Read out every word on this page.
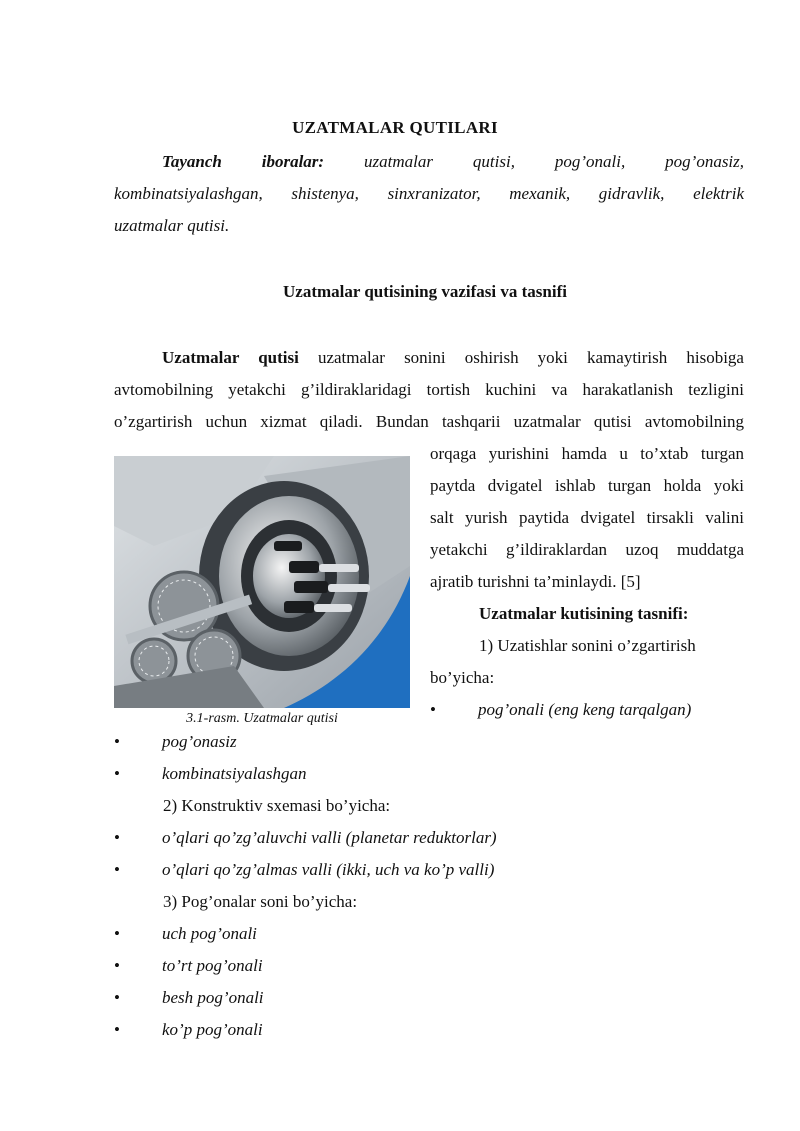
UZATMALAR QUTILARI

Tayanch iboralar: uzatmalar qutisi, pog’onali, pog’onasiz,
kombinatsiyalashgan, shistenya, sinxranizator, mexanik, gidravlik, elektrik
uzatmalar qutisi.

Uzatmalar qutisining vazifasi va tasnifi

Uzatmalar qutisi uzatmalar sonini oshirish yoki kamaytirish hisobiga
avtomobilning yetakchi g’ildiraklaridagi tortish kuchini va harakatlanish tezligini
o’zgartirish uchun xizmat qiladi. Bundan tashqarii uzatmalar qutisi avtomobilning
orqaga yurishini hamda u to’xtab turgan
paytda dvigatel ishlab turgan holda yoki
salt yurish paytida dvigatel tirsakli valini
yetakchi g’ildiraklardan uzoq muddatga
ajratib turishni ta’minlaydi. [5]

3.1-rasm. Uzatmalar qutisi

Uzatmalar kutisining tasnifi:
1) Uzatishlar sonini o’zgartirish
bo’yicha:
• pog’onali (eng keng tarqalgan)
• pog’onasiz
• kombinatsiyalashgan
2) Konstruktiv sxemasi bo’yicha:
• o’qlari qo’zg’aluvchi valli (planetar reduktorlar)
• o’qlari qo’zg’almas valli (ikki, uch va ko’p valli)
3) Pog’onalar soni bo’yicha:
• uch pog’onali
• to’rt pog’onali
• besh pog’onali
• ko’p pog’onali
